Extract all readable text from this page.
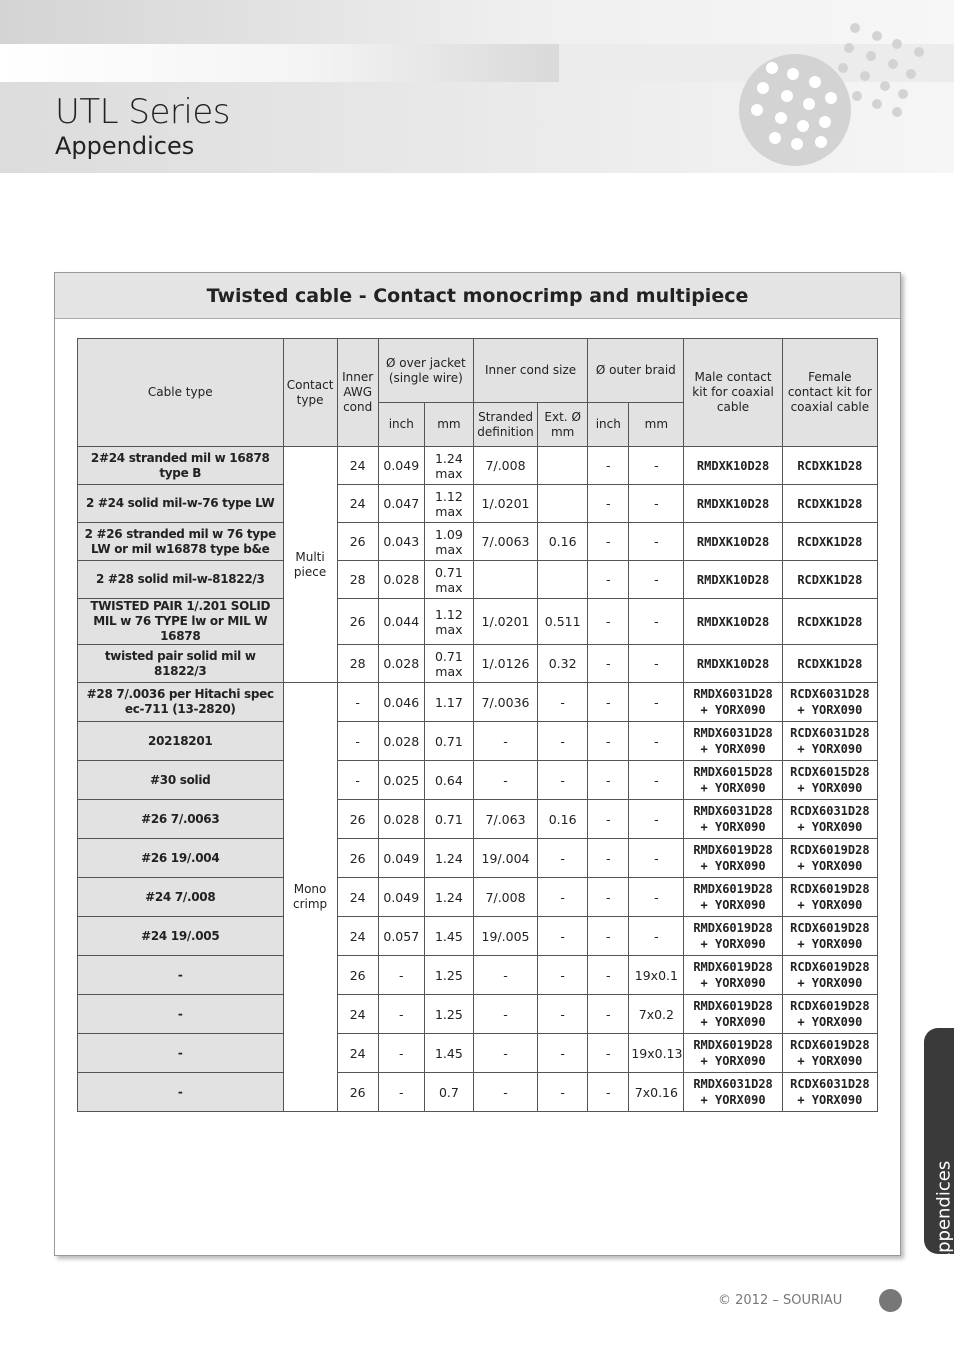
UTL Series
Appendices
Twisted cable - Contact monocrimp and multipiece
Cable type	Contact type	Inner AWG cond	Ø over jacket (single wire)		Inner cond size		Ø outer braid		Male contact kit for coaxial cable	Female contact kit for coaxial cable
			inch	mm	Stranded definition	Ext. Ø mm	inch	mm		
2#24 stranded mil w 16878 type B	Multi piece	24	0.049	1.24 max	7/.008		-	-	RMDXK10D28	RCDXK1D28
2 #24 solid mil-w-76 type LW		24	0.047	1.12 max	1/.0201		-	-	RMDXK10D28	RCDXK1D28
2 #26 stranded mil w 76 type LW or mil w16878 type b&e		26	0.043	1.09 max	7/.0063	0.16	-	-	RMDXK10D28	RCDXK1D28
2 #28 solid mil-w-81822/3		28	0.028	0.71 max			-	-	RMDXK10D28	RCDXK1D28
TWISTED PAIR 1/.201 SOLID MIL w 76 TYPE lw or MIL W 16878		26	0.044	1.12 max	1/.0201	0.511	-	-	RMDXK10D28	RCDXK1D28
twisted pair solid mil w 81822/3		28	0.028	0.71 max	1/.0126	0.32	-	-	RMDXK10D28	RCDXK1D28
#28 7/.0036 per Hitachi spec ec-711 (13-2820)	Mono crimp	-	0.046	1.17	7/.0036	-	-	-	RMDX6031D28 + YORX090	RCDX6031D28 + YORX090
20218201		-	0.028	0.71	-	-	-	-	RMDX6031D28 + YORX090	RCDX6031D28 + YORX090
#30 solid		-	0.025	0.64	-	-	-	-	RMDX6015D28 + YORX090	RCDX6015D28 + YORX090
#26 7/.0063		26	0.028	0.71	7/.063	0.16	-	-	RMDX6031D28 + YORX090	RCDX6031D28 + YORX090
#26 19/.004		26	0.049	1.24	19/.004	-	-	-	RMDX6019D28 + YORX090	RCDX6019D28 + YORX090
#24 7/.008		24	0.049	1.24	7/.008	-	-	-	RMDX6019D28 + YORX090	RCDX6019D28 + YORX090
#24 19/.005		24	0.057	1.45	19/.005	-	-	-	RMDX6019D28 + YORX090	RCDX6019D28 + YORX090
-		26	-	1.25	-	-	-	19x0.1	RMDX6019D28 + YORX090	RCDX6019D28 + YORX090
-		24	-	1.25	-	-	-	7x0.2	RMDX6019D28 + YORX090	RCDX6019D28 + YORX090
-		24	-	1.45	-	-	-	19x0.13	RMDX6019D28 + YORX090	RCDX6019D28 + YORX090
-		26	-	0.7	-	-	-	7x0.16	RMDX6031D28 + YORX090	RCDX6031D28 + YORX090
Appendices
© 2012 – SOURIAU
